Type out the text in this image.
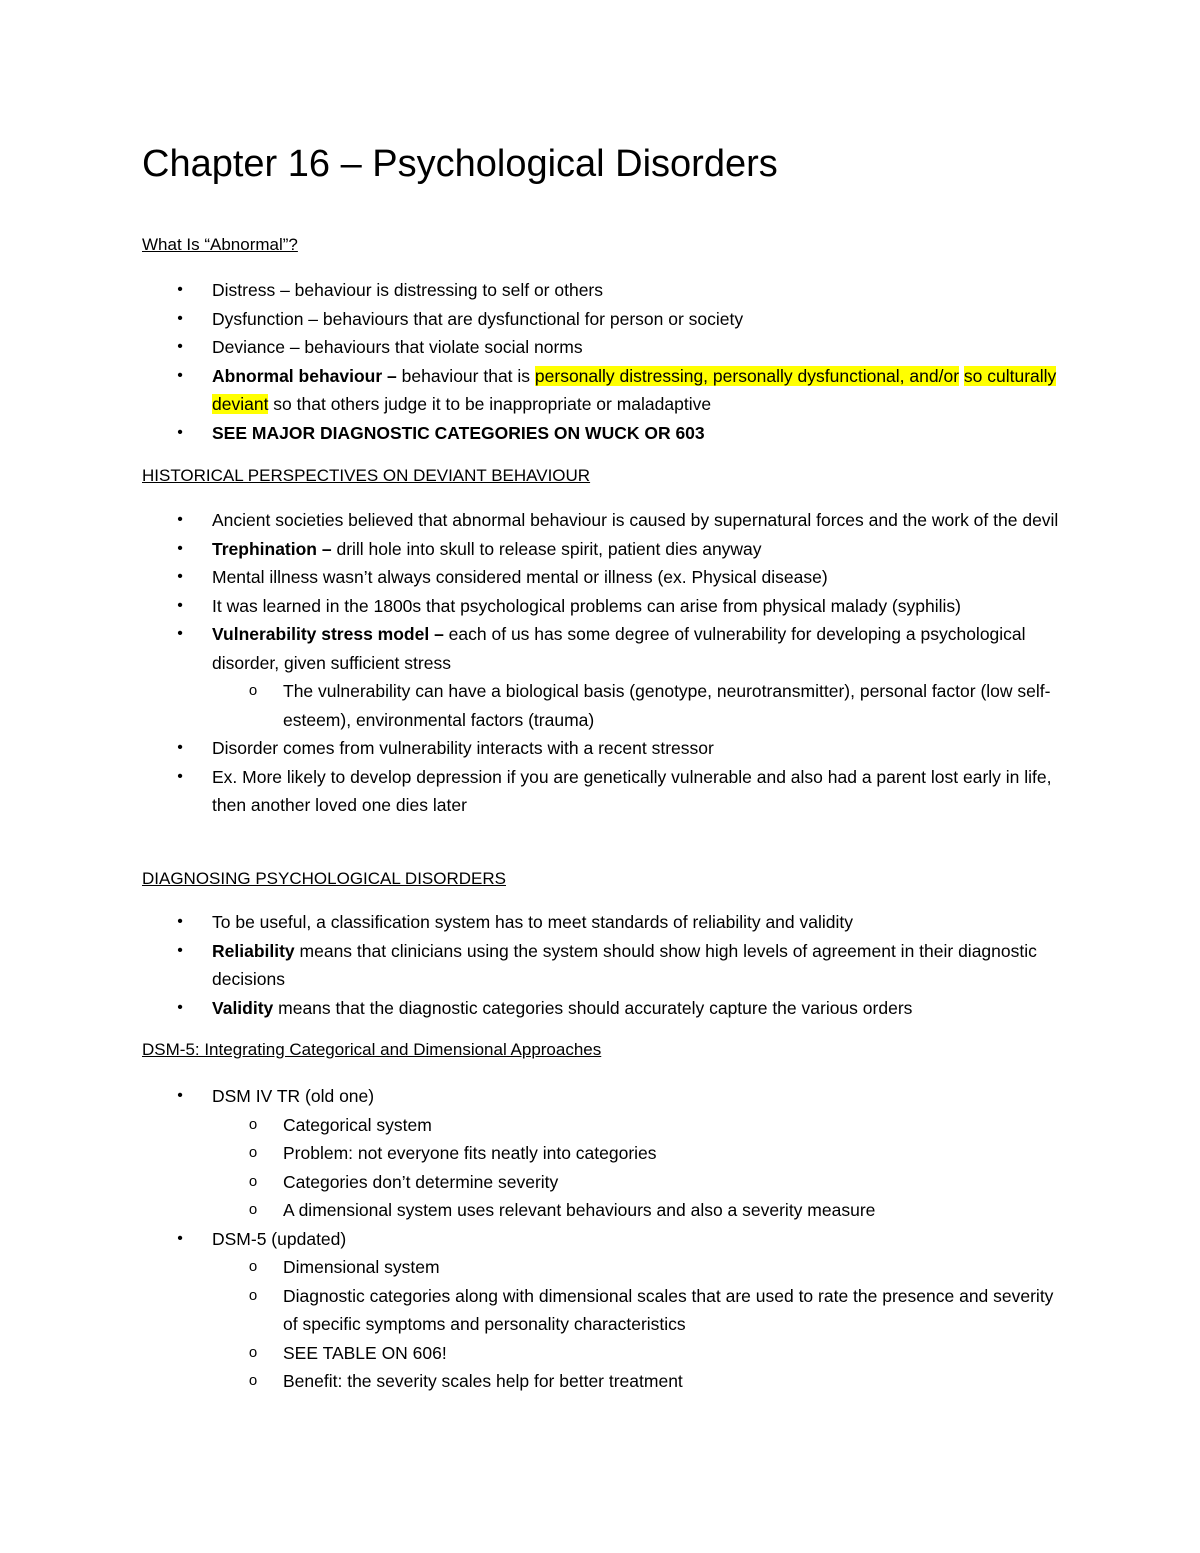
Chapter 16 – Psychological Disorders
What Is “Abnormal”?
•	Distress – behaviour is distressing to self or others
•	Dysfunction – behaviours that are dysfunctional for person or society
•	Deviance – behaviours that violate social norms
•	Abnormal behaviour – behaviour that is personally distressing, personally dysfunctional, and/or so culturally deviant so that others judge it to be inappropriate or maladaptive
•	SEE MAJOR DIAGNOSTIC CATEGORIES ON WUCK OR 603
HISTORICAL PERSPECTIVES ON DEVIANT BEHAVIOUR
•	Ancient societies believed that abnormal behaviour is caused by supernatural forces and the work of the devil
•	Trephination – drill hole into skull to release spirit, patient dies anyway
•	Mental illness wasn’t always considered mental or illness (ex. Physical disease)
•	It was learned in the 1800s that psychological problems can arise from physical malady (syphilis)
•	Vulnerability stress model – each of us has some degree of vulnerability for developing a psychological disorder, given sufficient stress
o	The vulnerability can have a biological basis (genotype, neurotransmitter), personal factor (low self-esteem), environmental factors (trauma)
•	Disorder comes from vulnerability interacts with a recent stressor
•	Ex. More likely to develop depression if you are genetically vulnerable and also had a parent lost early in life, then another loved one dies later
DIAGNOSING PSYCHOLOGICAL DISORDERS
•	To be useful, a classification system has to meet standards of reliability and validity
•	Reliability means that clinicians using the system should show high levels of agreement in their diagnostic decisions
•	Validity means that the diagnostic categories should accurately capture the various orders
DSM-5: Integrating Categorical and Dimensional Approaches
•	DSM IV TR (old one)
o	Categorical system
o	Problem: not everyone fits neatly into categories
o	Categories don’t determine severity
o	A dimensional system uses relevant behaviours and also a severity measure
•	DSM-5 (updated)
o	Dimensional system
o	Diagnostic categories along with dimensional scales that are used to rate the presence and severity of specific symptoms and personality characteristics
o	SEE TABLE ON 606!
o	Benefit: the severity scales help for better treatment
